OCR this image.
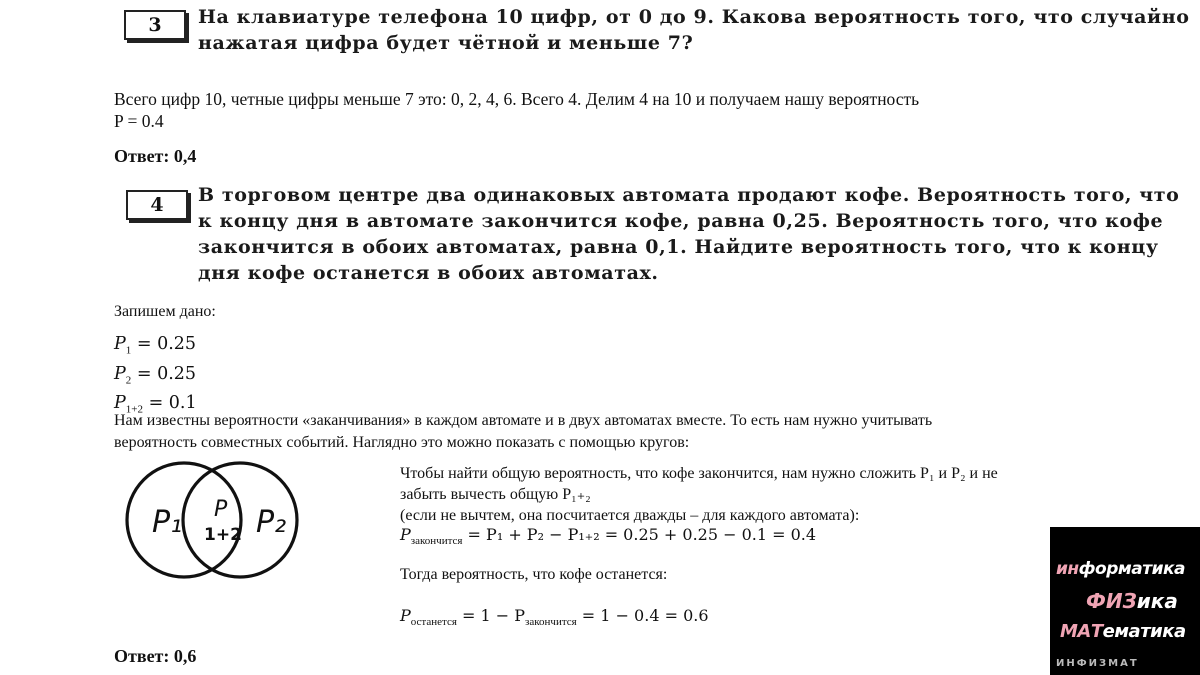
3 На клавиатуре телефона 10 цифр, от 0 до 9. Какова вероятность того, что случайно
нажатая цифра будет чётной и меньше 7?
Всего цифр 10, четные цифры меньше 7 это: 0, 2, 4, 6. Всего 4. Делим 4 на 10 и получаем нашу вероятность
P = 0.4
Ответ: 0,4
4 В торговом центре два одинаковых автомата продают кофе. Вероятность того, что
к концу дня в автомате закончится кофе, равна 0,25. Вероятность того, что кофе
закончится в обоих автоматах, равна 0,1. Найдите вероятность того, что к концу
дня кофе останется в обоих автоматах.
Запишем дано:
$P_1 = 0.25$
$P_2 = 0.25$
$P_{1+2} = 0.1$
Нам известны вероятности «заканчивания» в каждом автомате и в двух автоматах вместе. То есть нам нужно учитывать
вероятность совместных событий. Наглядно это можно показать с помощью кругов:
P₁ P
1+2 P₂
Чтобы найти общую вероятность, что кофе закончится, нам нужно сложить P₁ и P₂ и не
забыть вычесть общую P₁₊₂
(если не вычтем, она посчитается дважды – для каждого автомата):
$P_{закончится} = P_1 + P_2 - P_{1+2} = 0.25 + 0.25 - 0.1 = 0.4$
Тогда вероятность, что кофе останется:
$P_{останется} = 1 - P_{закончится} = 1 - 0.4 = 0.6$
Ответ: 0,6
информатика
ФИЗика
МАТематика
ИНФИЗМАТ
